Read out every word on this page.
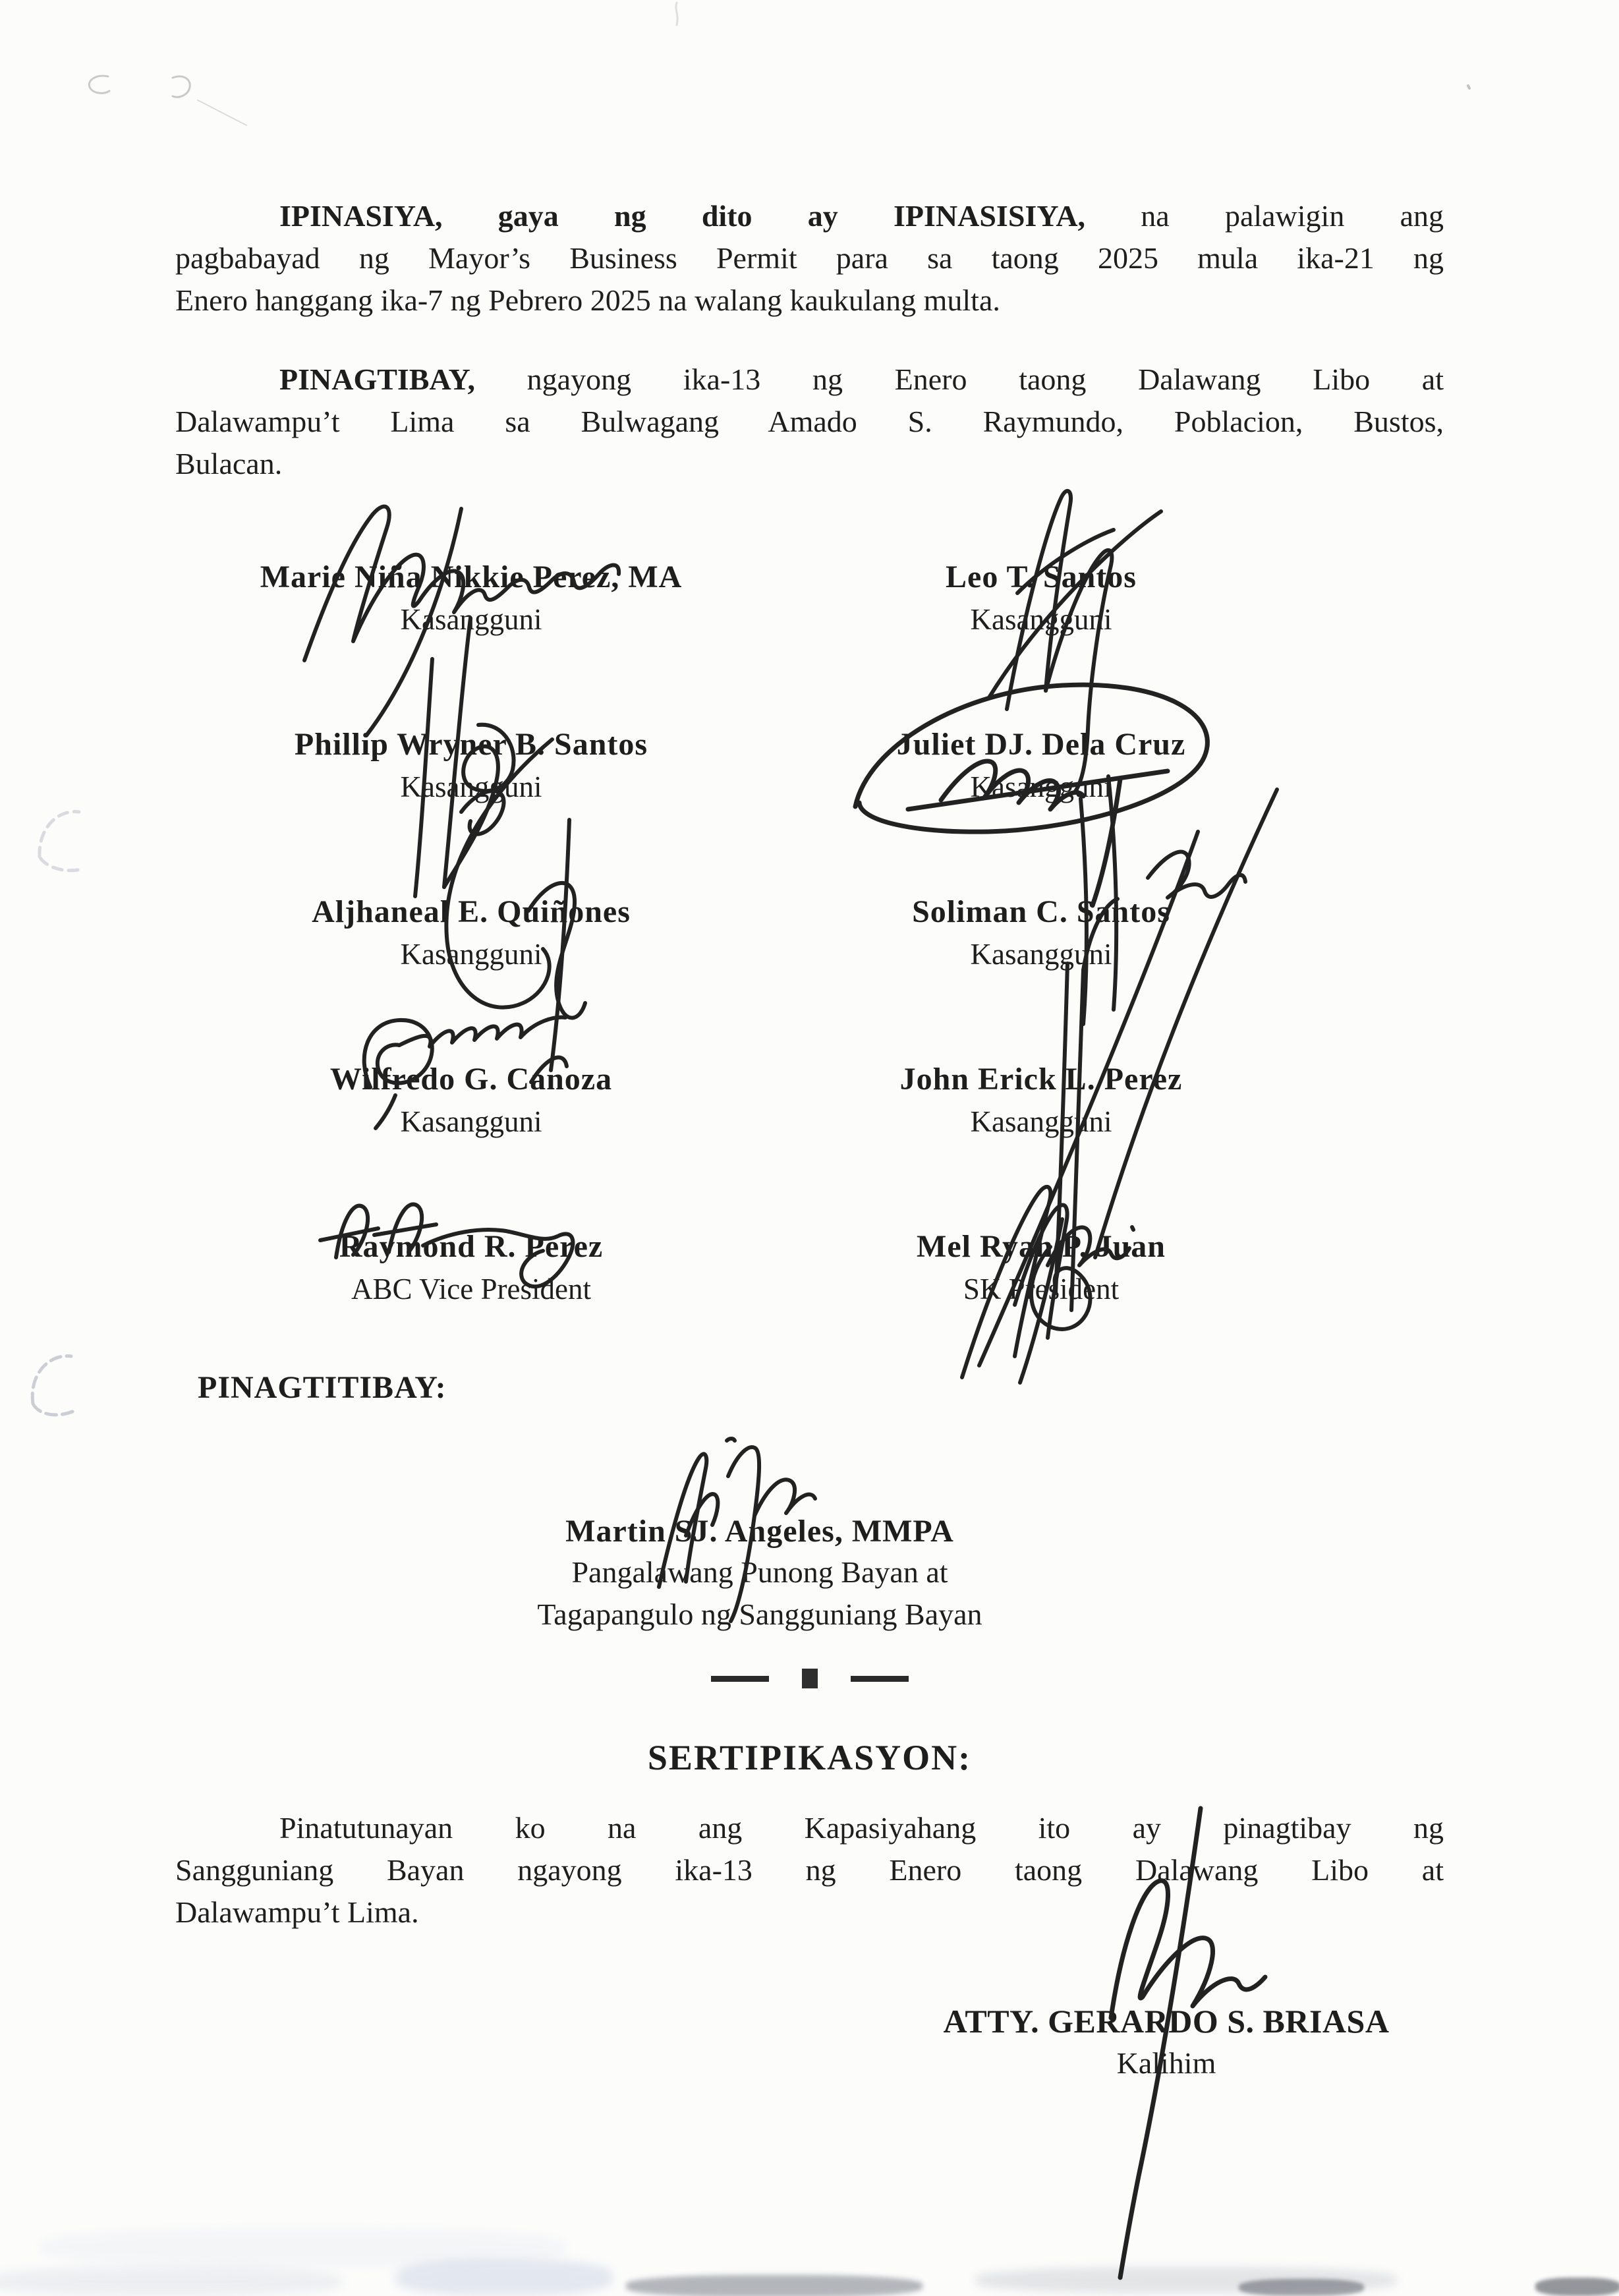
IPINASIYA, gaya ng dito ay IPINASISIYA, na palawigin ang
pagbabayad ng Mayor’s Business Permit para sa taong 2025 mula ika-21 ng
Enero hanggang ika-7 ng Pebrero 2025 na walang kaukulang multa.
PINAGTIBAY, ngayong ika-13 ng Enero taong Dalawang Libo at
Dalawampu’t Lima sa Bulwagang Amado S. Raymundo, Poblacion, Bustos,
Bulacan.
Marie Niña Nikkie Perez, MA
Kasangguni
Leo T. Santos
Kasangguni
Phillip Wryner B. Santos
Kasangguni
Juliet DJ. Dela Cruz
Kasangguni
Aljhaneal E. Quiñones
Kasangguni
Soliman C. Santos
Kasangguni
Wilfredo G. Canoza
Kasangguni
John Erick L. Perez
Kasangguni
Raymond R. Perez
ABC Vice President
Mel Ryan P. Juan
SK President
PINAGTITIBAY:
Martin SJ. Angeles, MMPA
Pangalawang Punong Bayan at
Tagapangulo ng Sangguniang Bayan
SERTIPIKASYON:
Pinatutunayan ko na ang Kapasiyahang ito ay pinagtibay ng
Sangguniang Bayan ngayong ika-13 ng Enero taong Dalawang Libo at
Dalawampu’t Lima.
ATTY. GERARDO S. BRIASA
Kalihim
